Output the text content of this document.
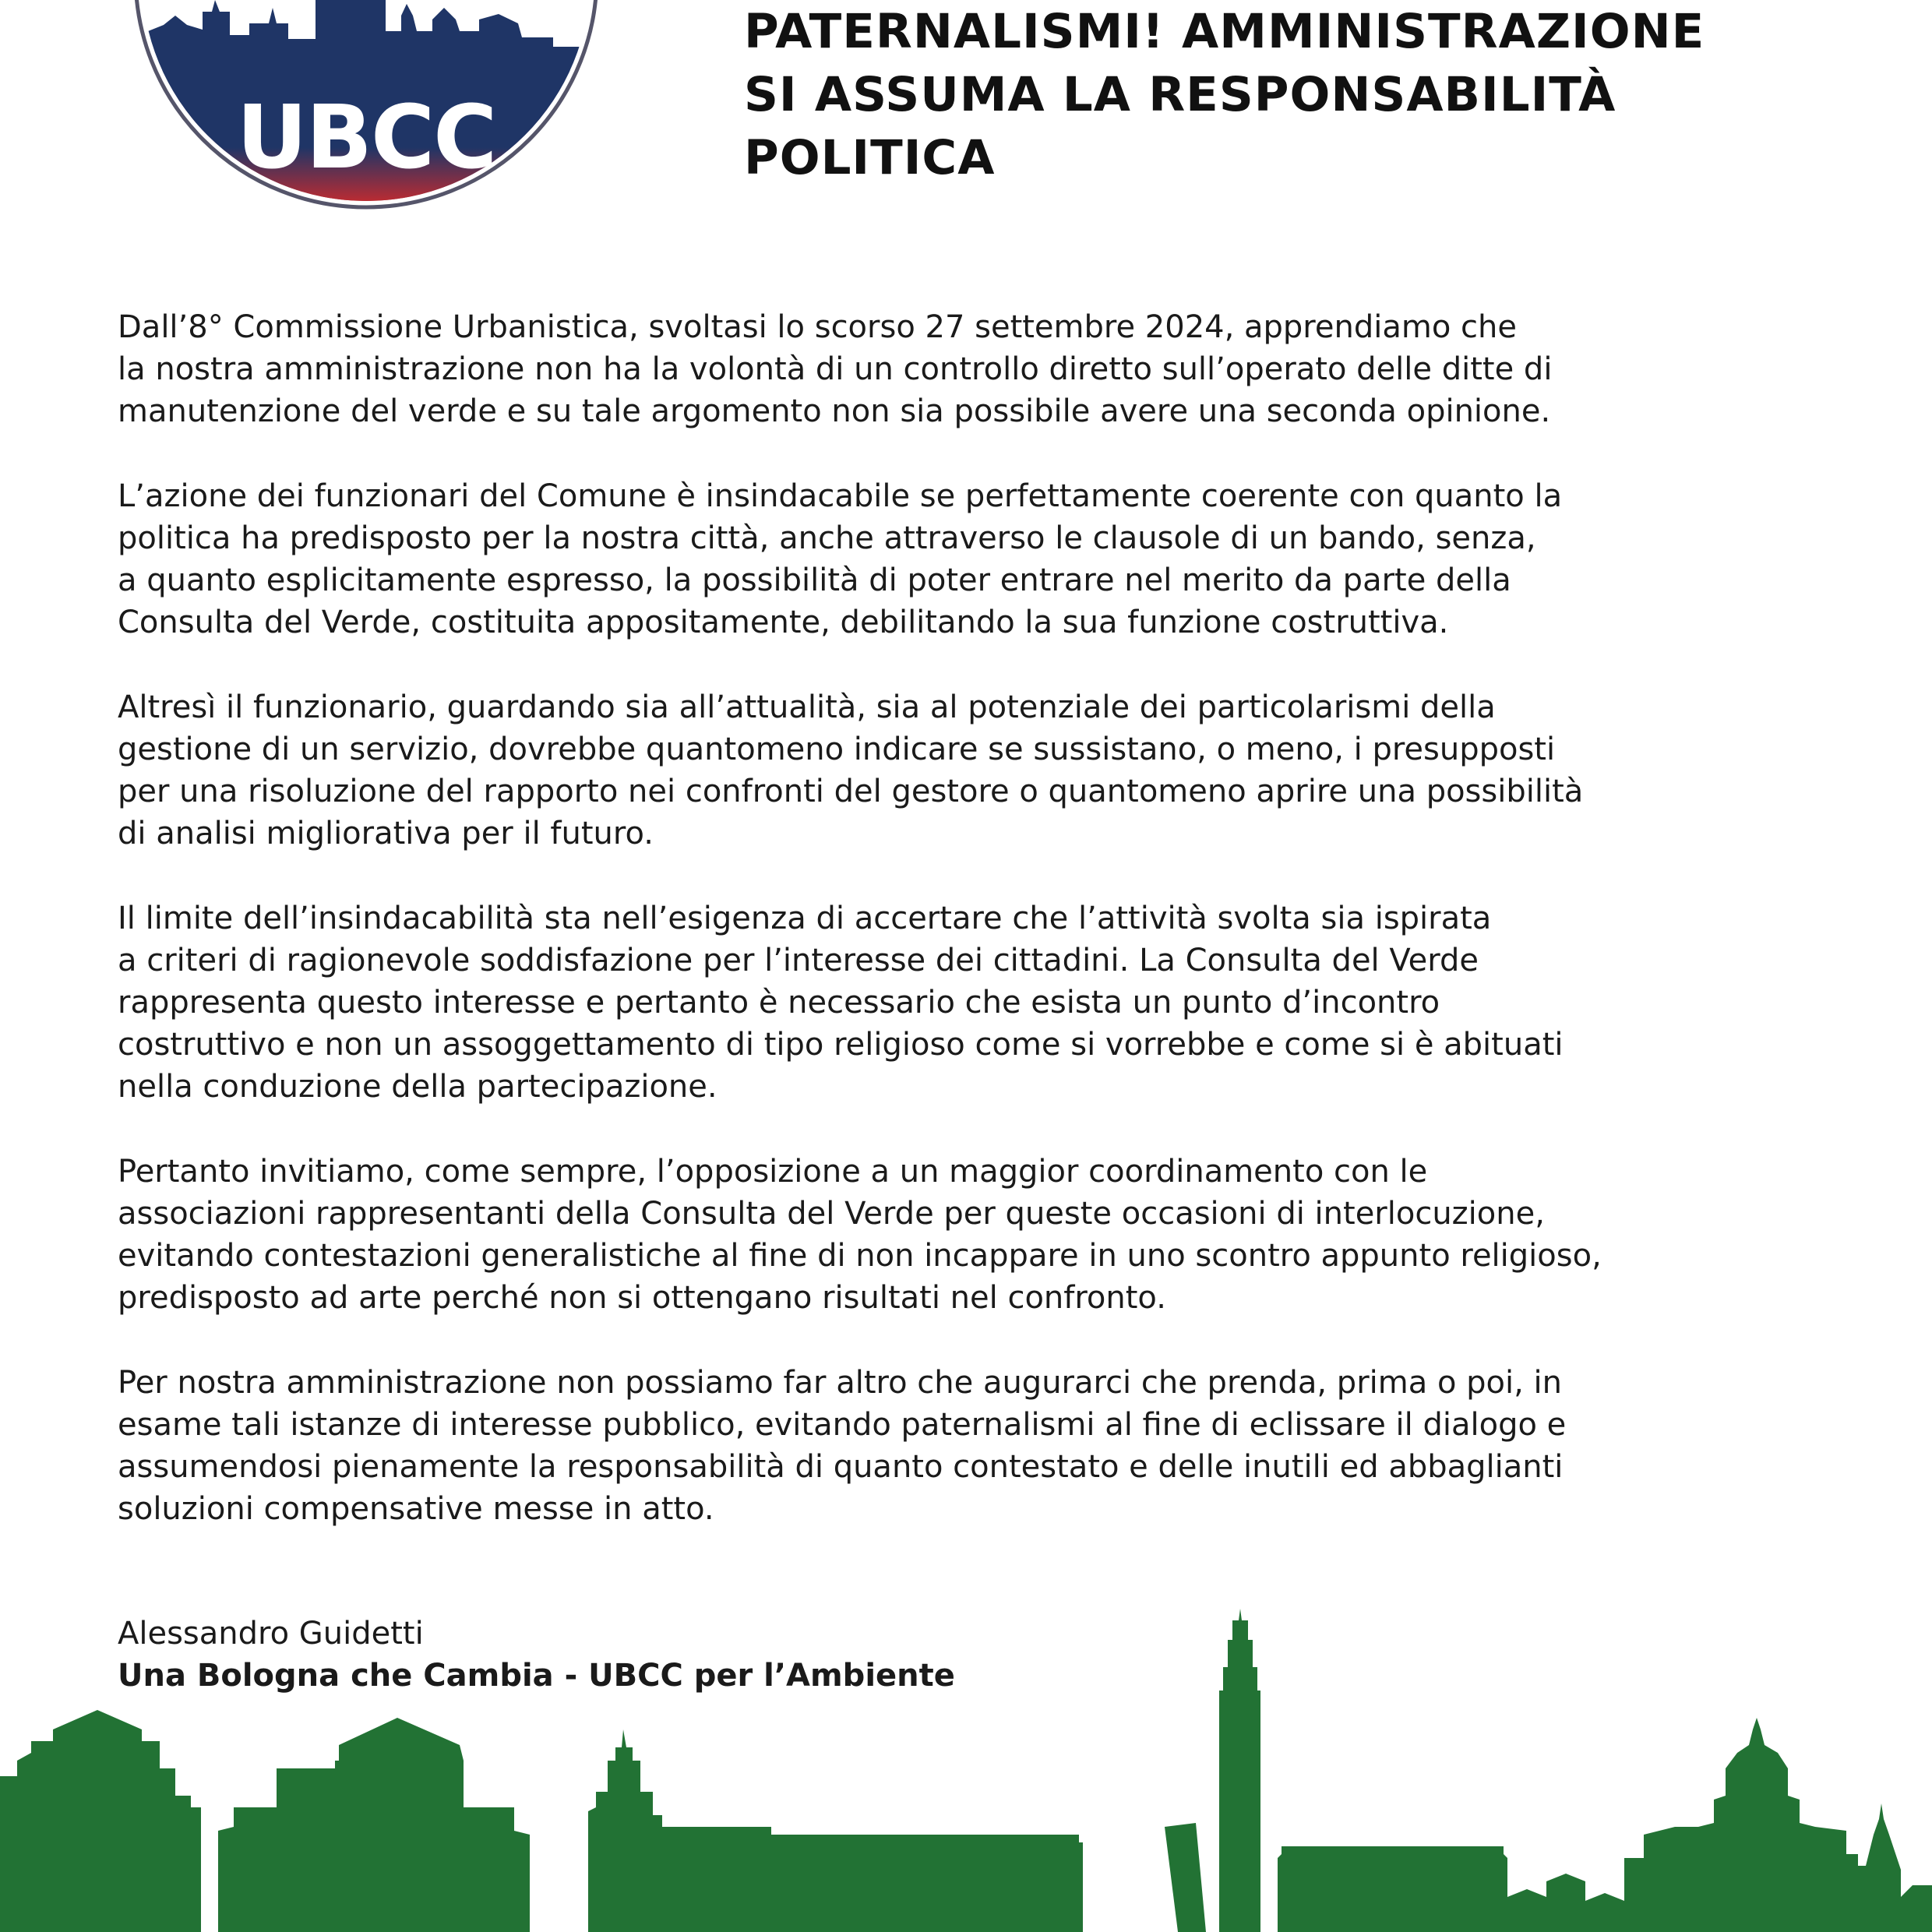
UBCC
PATERNALISMI! AMMINISTRAZIONE
SI ASSUMA LA RESPONSABILITÀ
POLITICA

Dall’8° Commissione Urbanistica, svoltasi lo scorso 27 settembre 2024, apprendiamo che
la nostra amministrazione non ha la volontà di un controllo diretto sull’operato delle ditte di
manutenzione del verde e su tale argomento non sia possibile avere una seconda opinione.

L’azione dei funzionari del Comune è insindacabile se perfettamente coerente con quanto la
politica ha predisposto per la nostra città, anche attraverso le clausole di un bando, senza,
a quanto esplicitamente espresso, la possibilità di poter entrare nel merito da parte della
Consulta del Verde, costituita appositamente, debilitando la sua funzione costruttiva.

Altresì il funzionario, guardando sia all’attualità, sia al potenziale dei particolarismi della
gestione di un servizio, dovrebbe quantomeno indicare se sussistano, o meno, i presupposti
per una risoluzione del rapporto nei confronti del gestore o quantomeno aprire una possibilità
di analisi migliorativa per il futuro.

Il limite dell’insindacabilità sta nell’esigenza di accertare che l’attività svolta sia ispirata
a criteri di ragionevole soddisfazione per l’interesse dei cittadini. La Consulta del Verde
rappresenta questo interesse e pertanto è necessario che esista un punto d’incontro
costruttivo e non un assoggettamento di tipo religioso come si vorrebbe e come si è abituati
nella conduzione della partecipazione.

Pertanto invitiamo, come sempre, l’opposizione a un maggior coordinamento con le
associazioni rappresentanti della Consulta del Verde per queste occasioni di interlocuzione,
evitando contestazioni generalistiche al fine di non incappare in uno scontro appunto religioso,
predisposto ad arte perché non si ottengano risultati nel confronto.

Per nostra amministrazione non possiamo far altro che augurarci che prenda, prima o poi, in
esame tali istanze di interesse pubblico, evitando paternalismi al fine di eclissare il dialogo e
assumendosi pienamente la responsabilità di quanto contestato e delle inutili ed abbaglianti
soluzioni compensative messe in atto.

Alessandro Guidetti
Una Bologna che Cambia - UBCC per l’Ambiente
